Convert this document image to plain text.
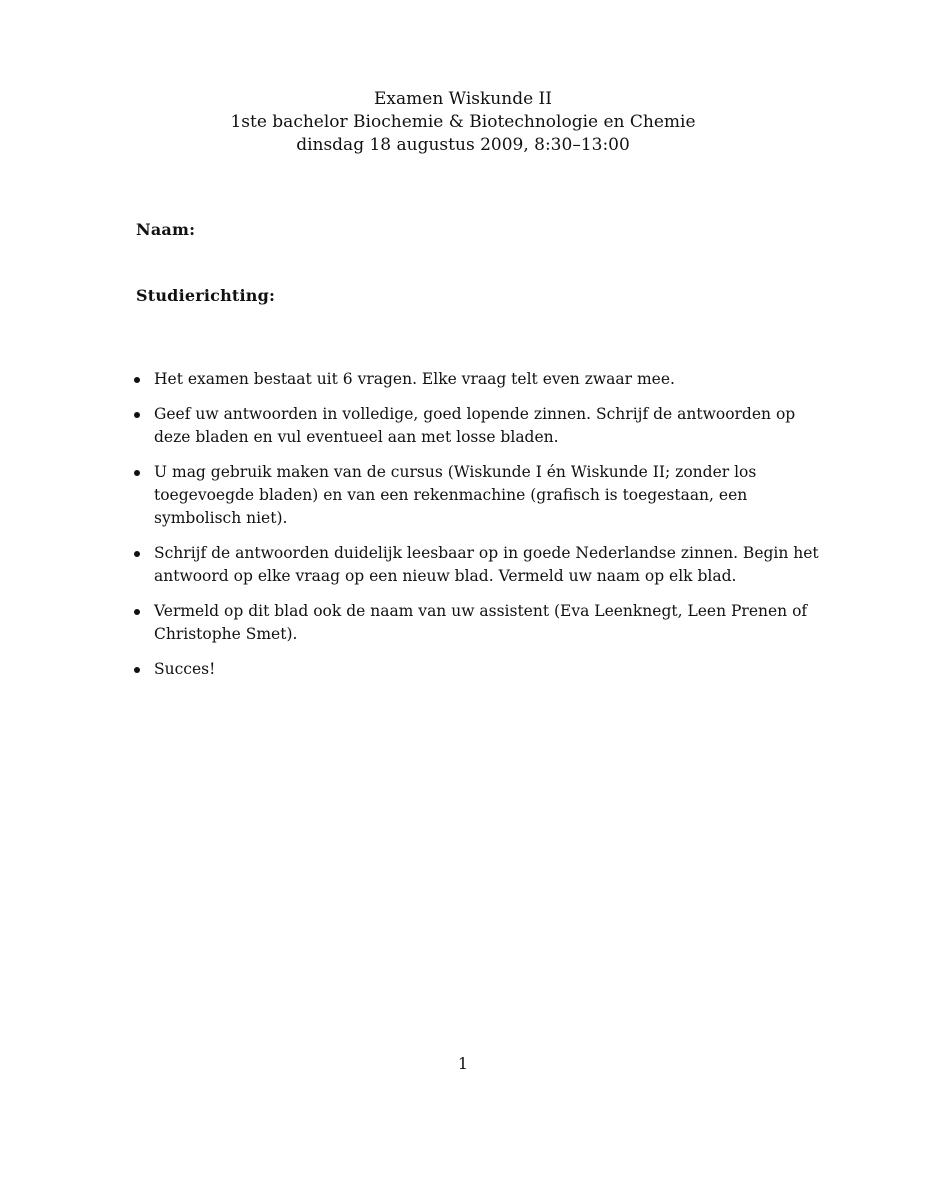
Examen Wiskunde II
1ste bachelor Biochemie & Biotechnologie en Chemie
dinsdag 18 augustus 2009, 8:30–13:00
Naam:
Studierichting:
Het examen bestaat uit 6 vragen. Elke vraag telt even zwaar mee.
Geef uw antwoorden in volledige, goed lopende zinnen. Schrijf de antwoorden op deze bladen en vul eventueel aan met losse bladen.
U mag gebruik maken van de cursus (Wiskunde I én Wiskunde II; zonder los toegevoegde bladen) en van een rekenmachine (grafisch is toegestaan, een symbolisch niet).
Schrijf de antwoorden duidelijk leesbaar op in goede Nederlandse zinnen. Begin het antwoord op elke vraag op een nieuw blad. Vermeld uw naam op elk blad.
Vermeld op dit blad ook de naam van uw assistent (Eva Leenknegt, Leen Prenen of Christophe Smet).
Succes!
1
